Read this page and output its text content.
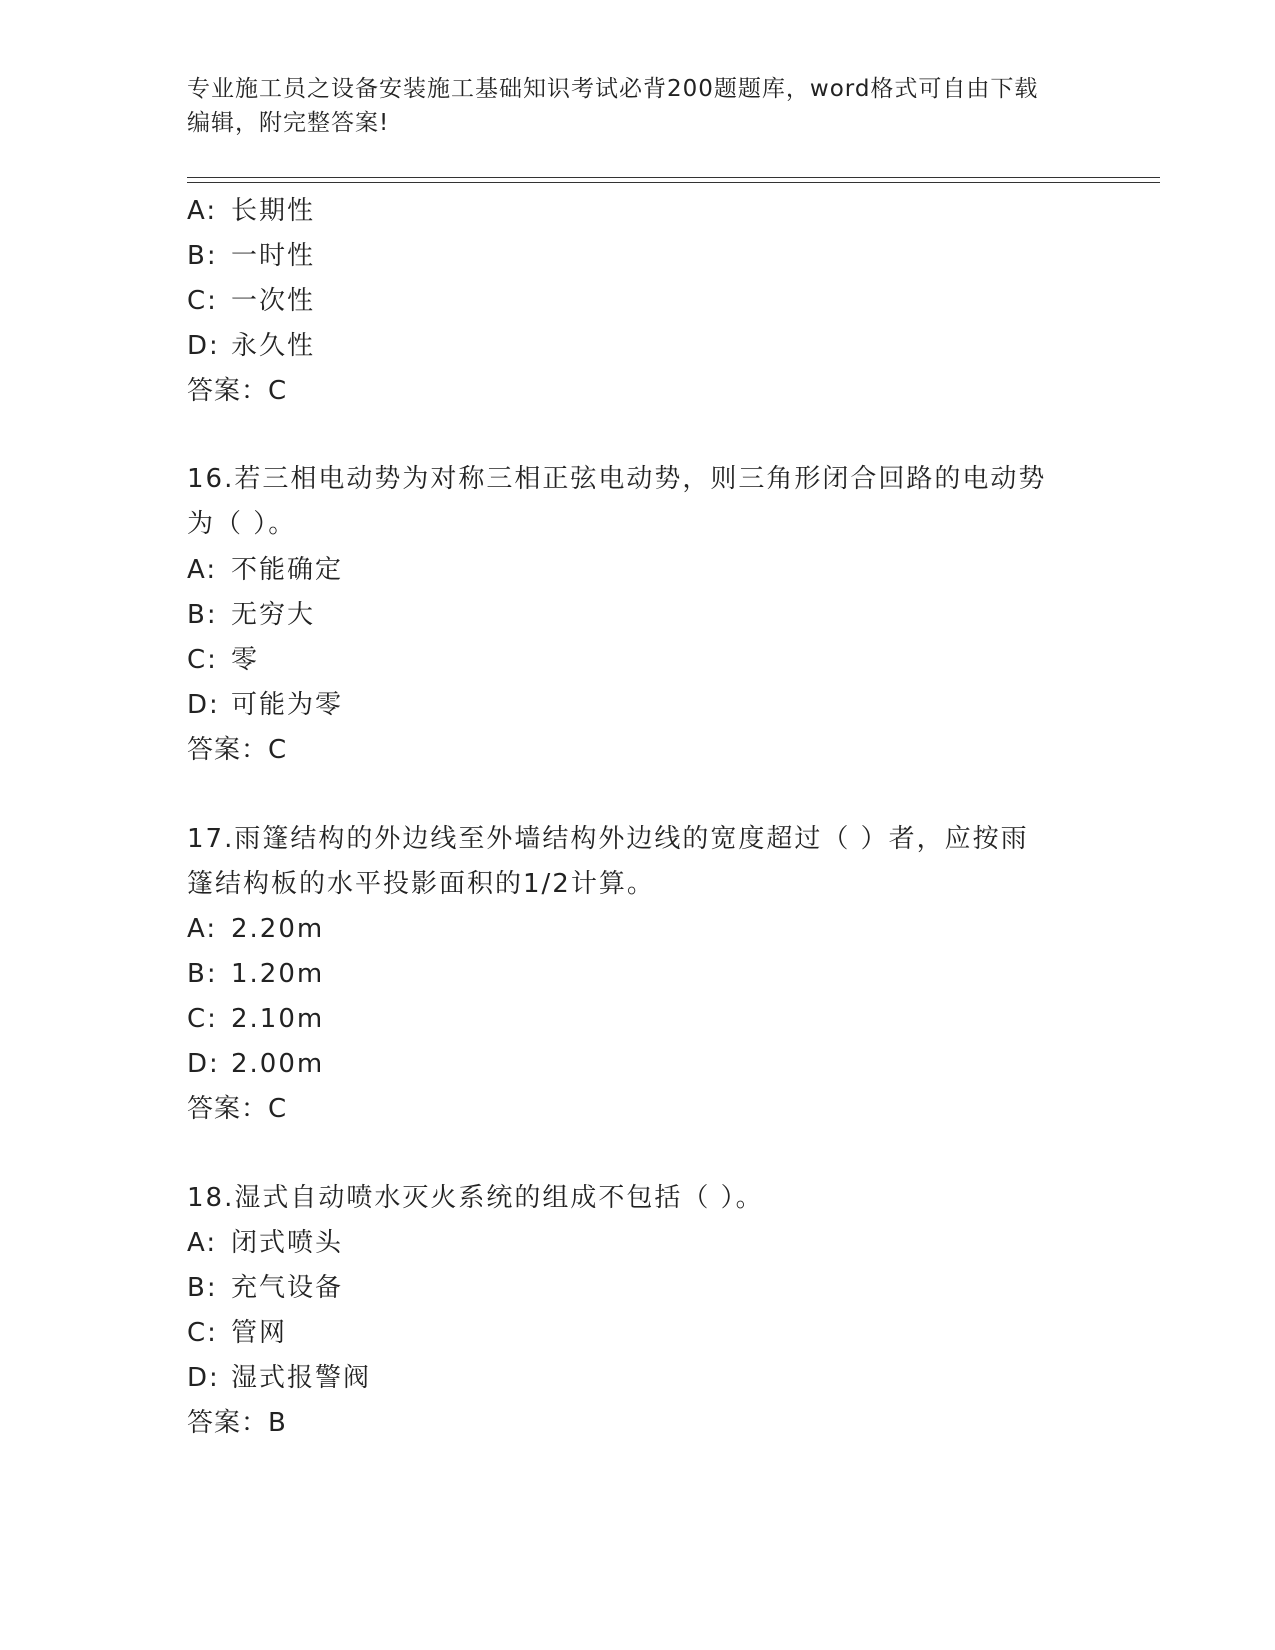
专业施工员之设备安装施工基础知识考试必背200题题库，word格式可自由下载
编辑，附完整答案!
A: 长期性
B: 一时性
C: 一次性
D: 永久性
答案：C
16.若三相电动势为对称三相正弦电动势，则三角形闭合回路的电动势
为（ ）。
A: 不能确定
B: 无穷大
C: 零
D: 可能为零
答案：C
17.雨篷结构的外边线至外墙结构外边线的宽度超过（ ）者，应按雨
篷结构板的水平投影面积的1/2计算。
A: 2.20m
B: 1.20m
C: 2.10m
D: 2.00m
答案：C
18.湿式自动喷水灭火系统的组成不包括（ ）。
A: 闭式喷头
B: 充气设备
C: 管网
D: 湿式报警阀
答案：B
